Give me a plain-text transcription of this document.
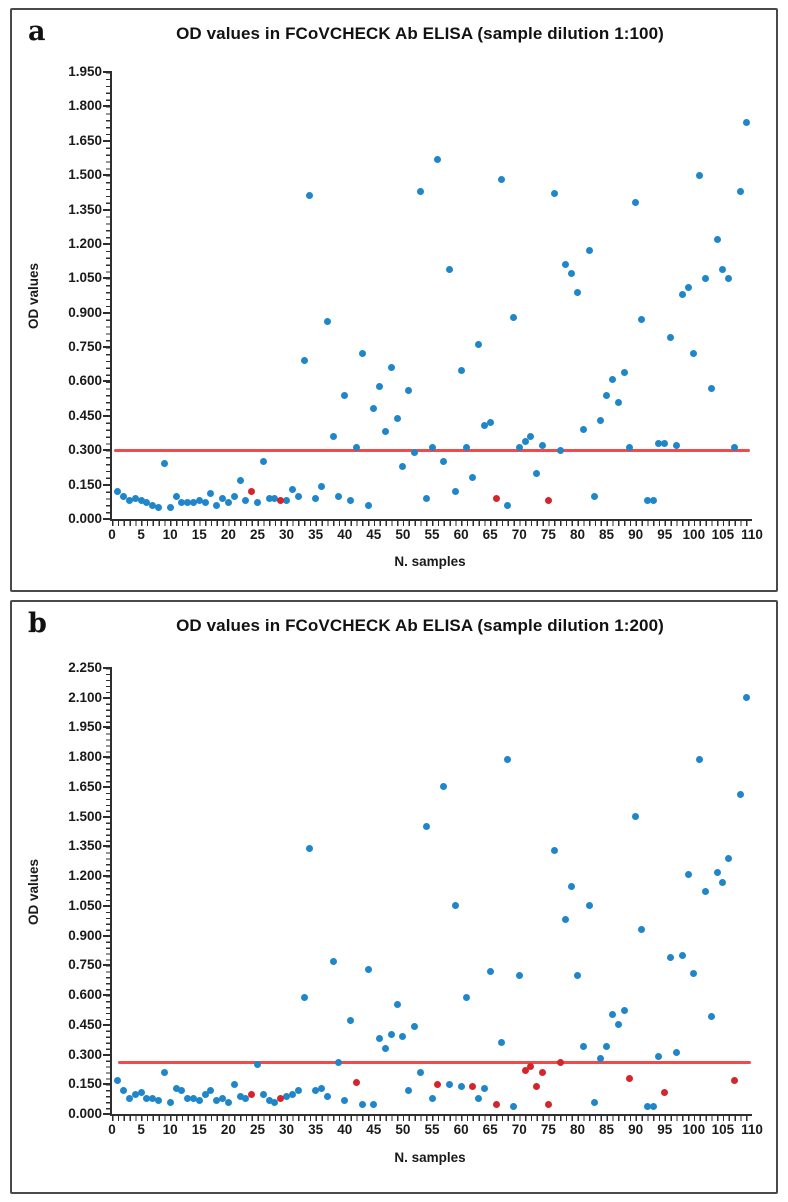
a	OD values in FCoVCHECK Ab ELISA (sample dilution 1:100)
OD values
0.000
0.150
0.300
0.450
0.600
0.750
0.900
1.050
1.200
1.350
1.500
1.650
1.800
1.950
0	5	10	15	20	25	30	35	40	45	50	55	60	65	70	75	80	85	90	95 100 105 110
N. samples
b	OD values in FCoVCHECK Ab ELISA (sample dilution 1:200)
OD values
0.000
0.150
0.300
0.450
0.600
0.750
0.900
1.050
1.200
1.350
1.500
1.650
1.800
1.950
2.100
2.250
0	5	10	15	20	25	30	35	40	45	50	55	60	65	70	75	80	85	90	95 100 105 110
N. samples
